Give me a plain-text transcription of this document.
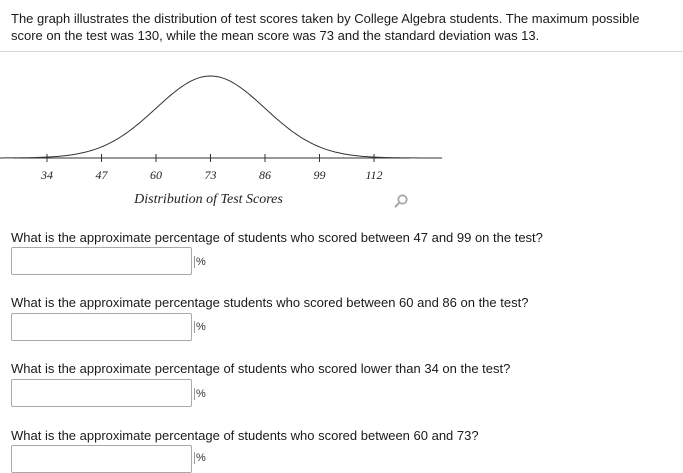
The graph illustrates the distribution of test scores taken by College Algebra students. The maximum possible score on the test was 130, while the mean score was 73 and the standard deviation was 13.

34	47	60	73	86	99	112
Distribution of Test Scores

What is the approximate percentage of students who scored between 47 and 99 on the test?

%

What is the approximate percentage students who scored between 60 and 86 on the test?

%

What is the approximate percentage of students who scored lower than 34 on the test?

%

What is the approximate percentage of students who scored between 60 and 73?

%
